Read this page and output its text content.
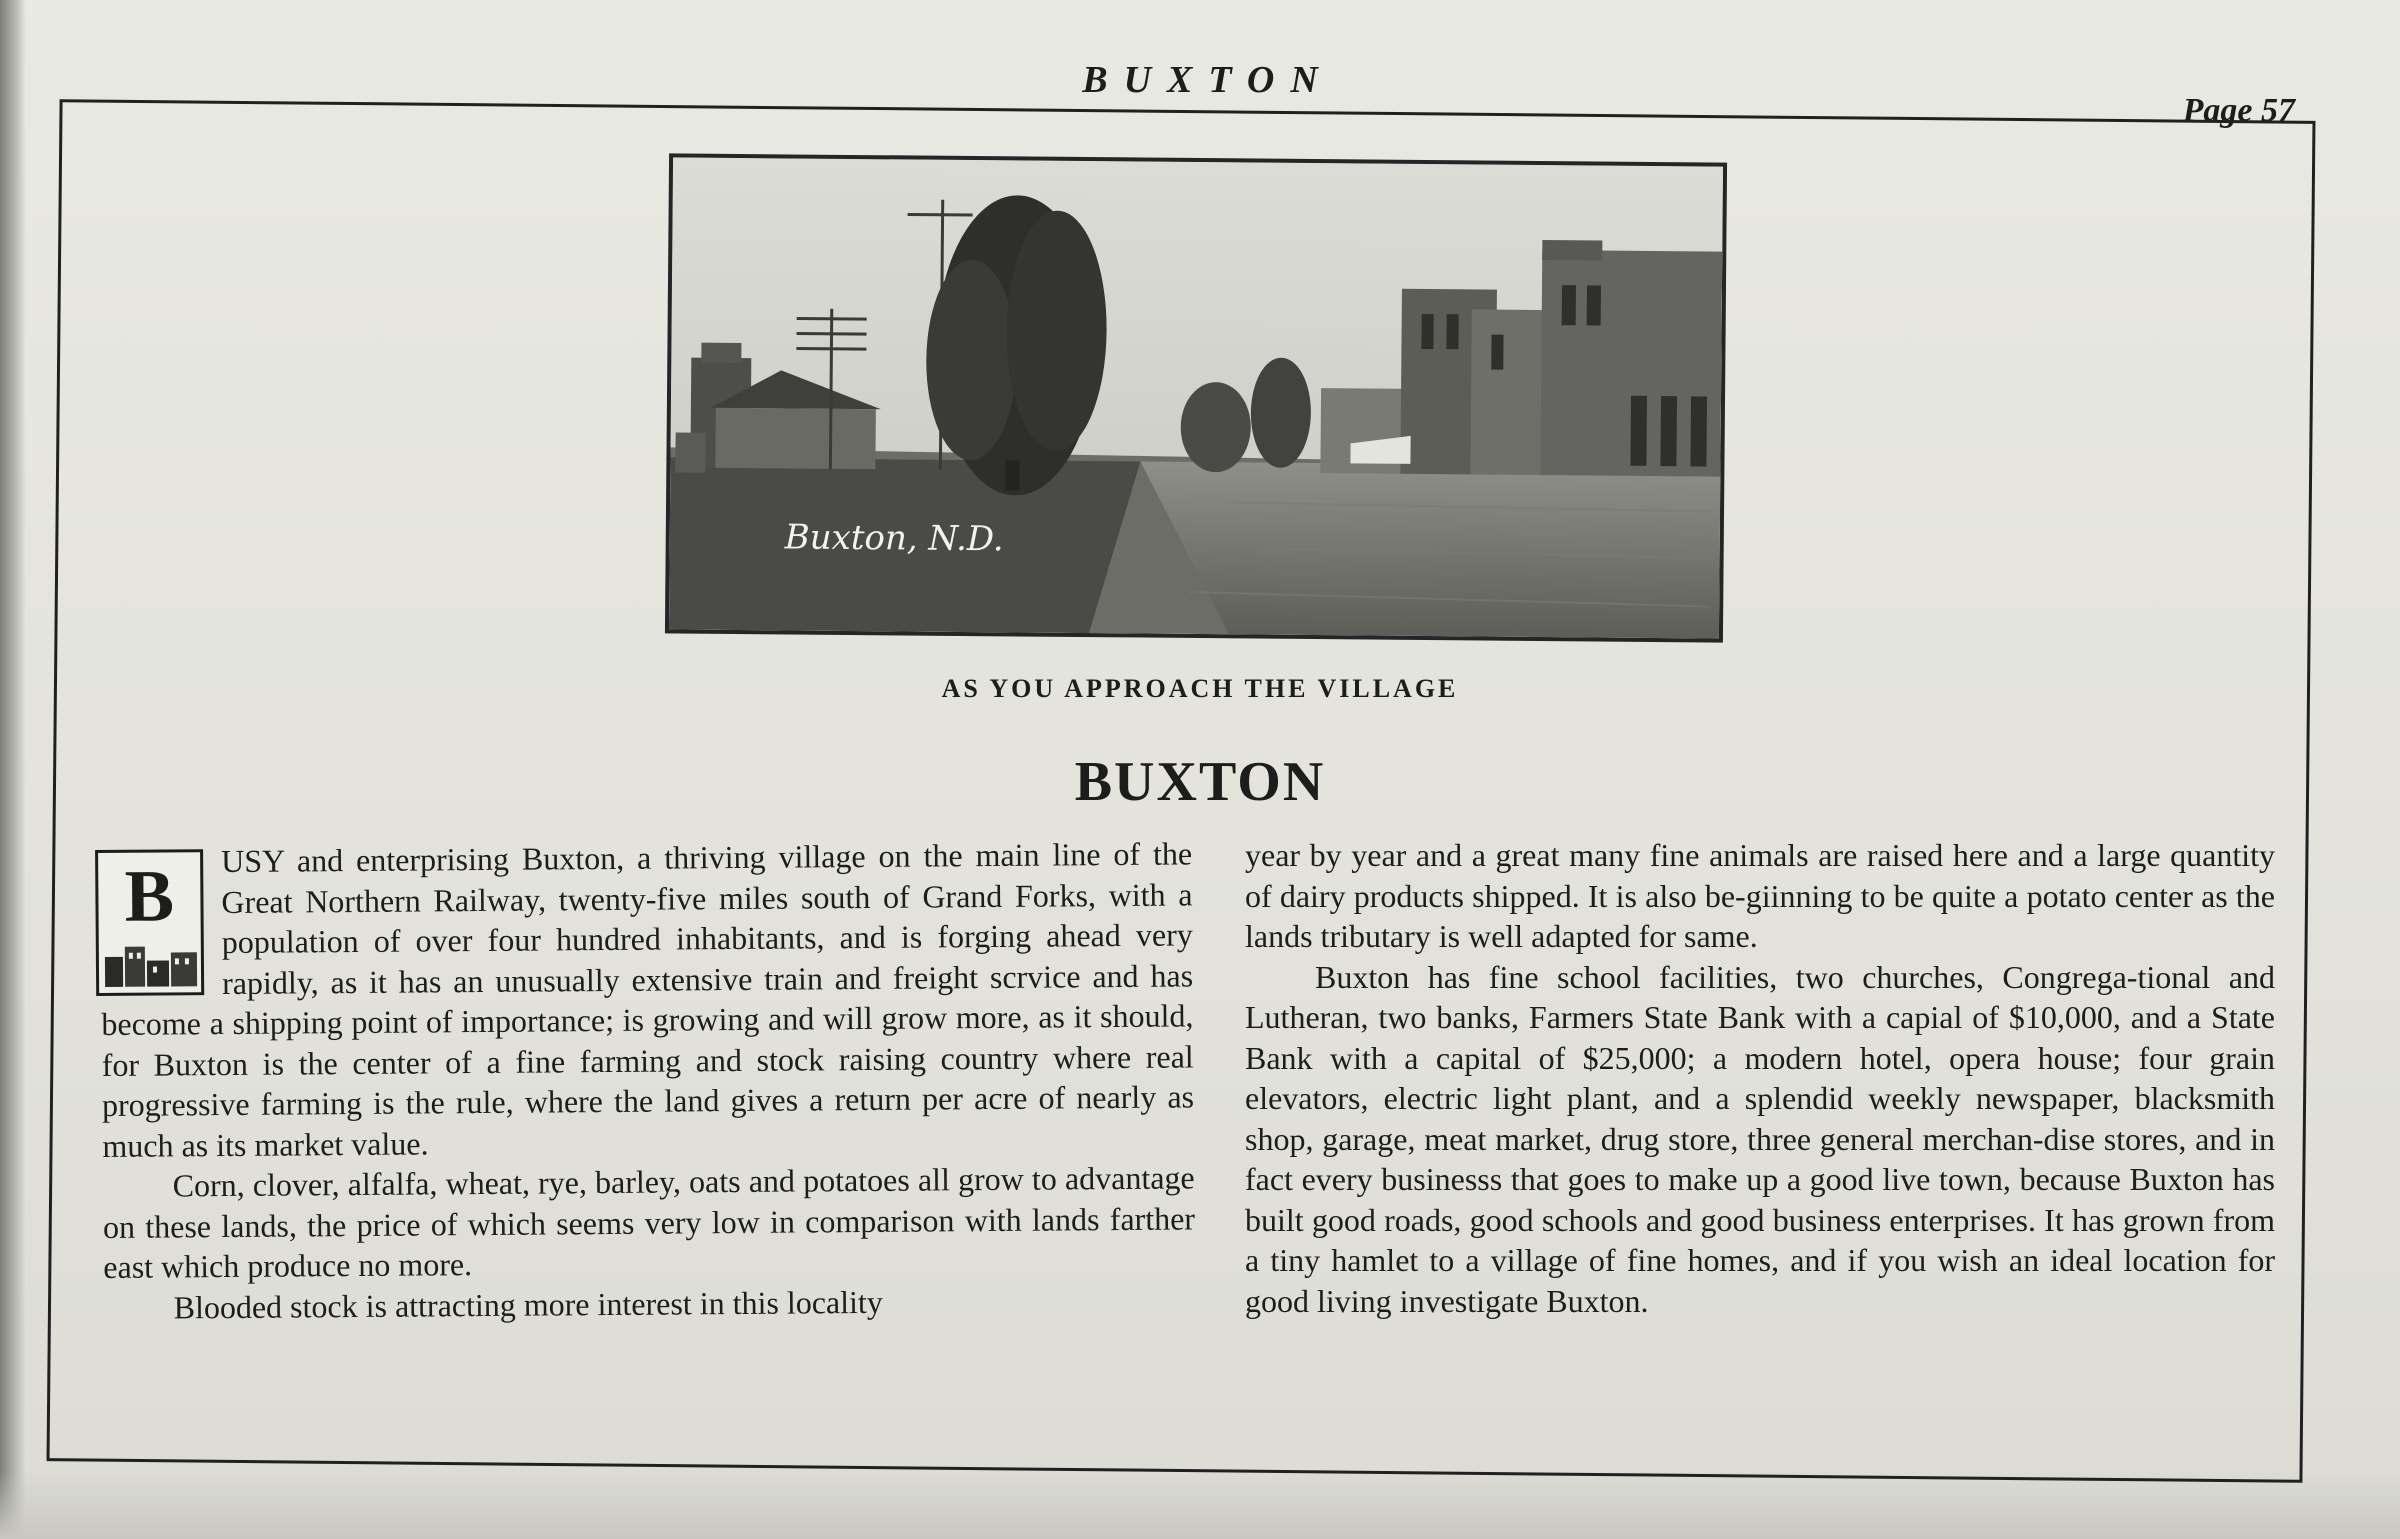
BUXTON
Page 57
Buxton, N.D.
AS YOU APPROACH THE VILLAGE
BUXTON
B	USY and enterprising Buxton, a thriving village on the main line of the Great Northern Railway, twenty-five miles south of Grand Forks, with a population of over four hundred inhabitants, and is forging ahead very rapidly, as it has an unusually extensive train and freight scrvice and has become a shipping point of importance; is growing and will grow more, as it should, for Buxton is the center of a fine farming and stock raising country where real progressive farming is the rule, where the land gives a return per acre of nearly as much as its market value.

Corn, clover, alfalfa, wheat, rye, barley, oats and potatoes all grow to advantage on these lands, the price of which seems very low in comparison with lands farther east which produce no more.

Blooded stock is attracting more interest in this locality

year by year and a great many fine animals are raised here and a large quantity of dairy products shipped. It is also be-giinning to be quite a potato center as the lands tributary is well adapted for same.

Buxton has fine school facilities, two churches, Congrega-tional and Lutheran, two banks, Farmers State Bank with a capial of $10,000, and a State Bank with a capital of $25,000; a modern hotel, opera house; four grain elevators, electric light plant, and a splendid weekly newspaper, blacksmith shop, garage, meat market, drug store, three general merchan-dise stores, and in fact every businesss that goes to make up a good live town, because Buxton has built good roads, good schools and good business enterprises. It has grown from a tiny hamlet to a village of fine homes, and if you wish an ideal location for good living investigate Buxton.
